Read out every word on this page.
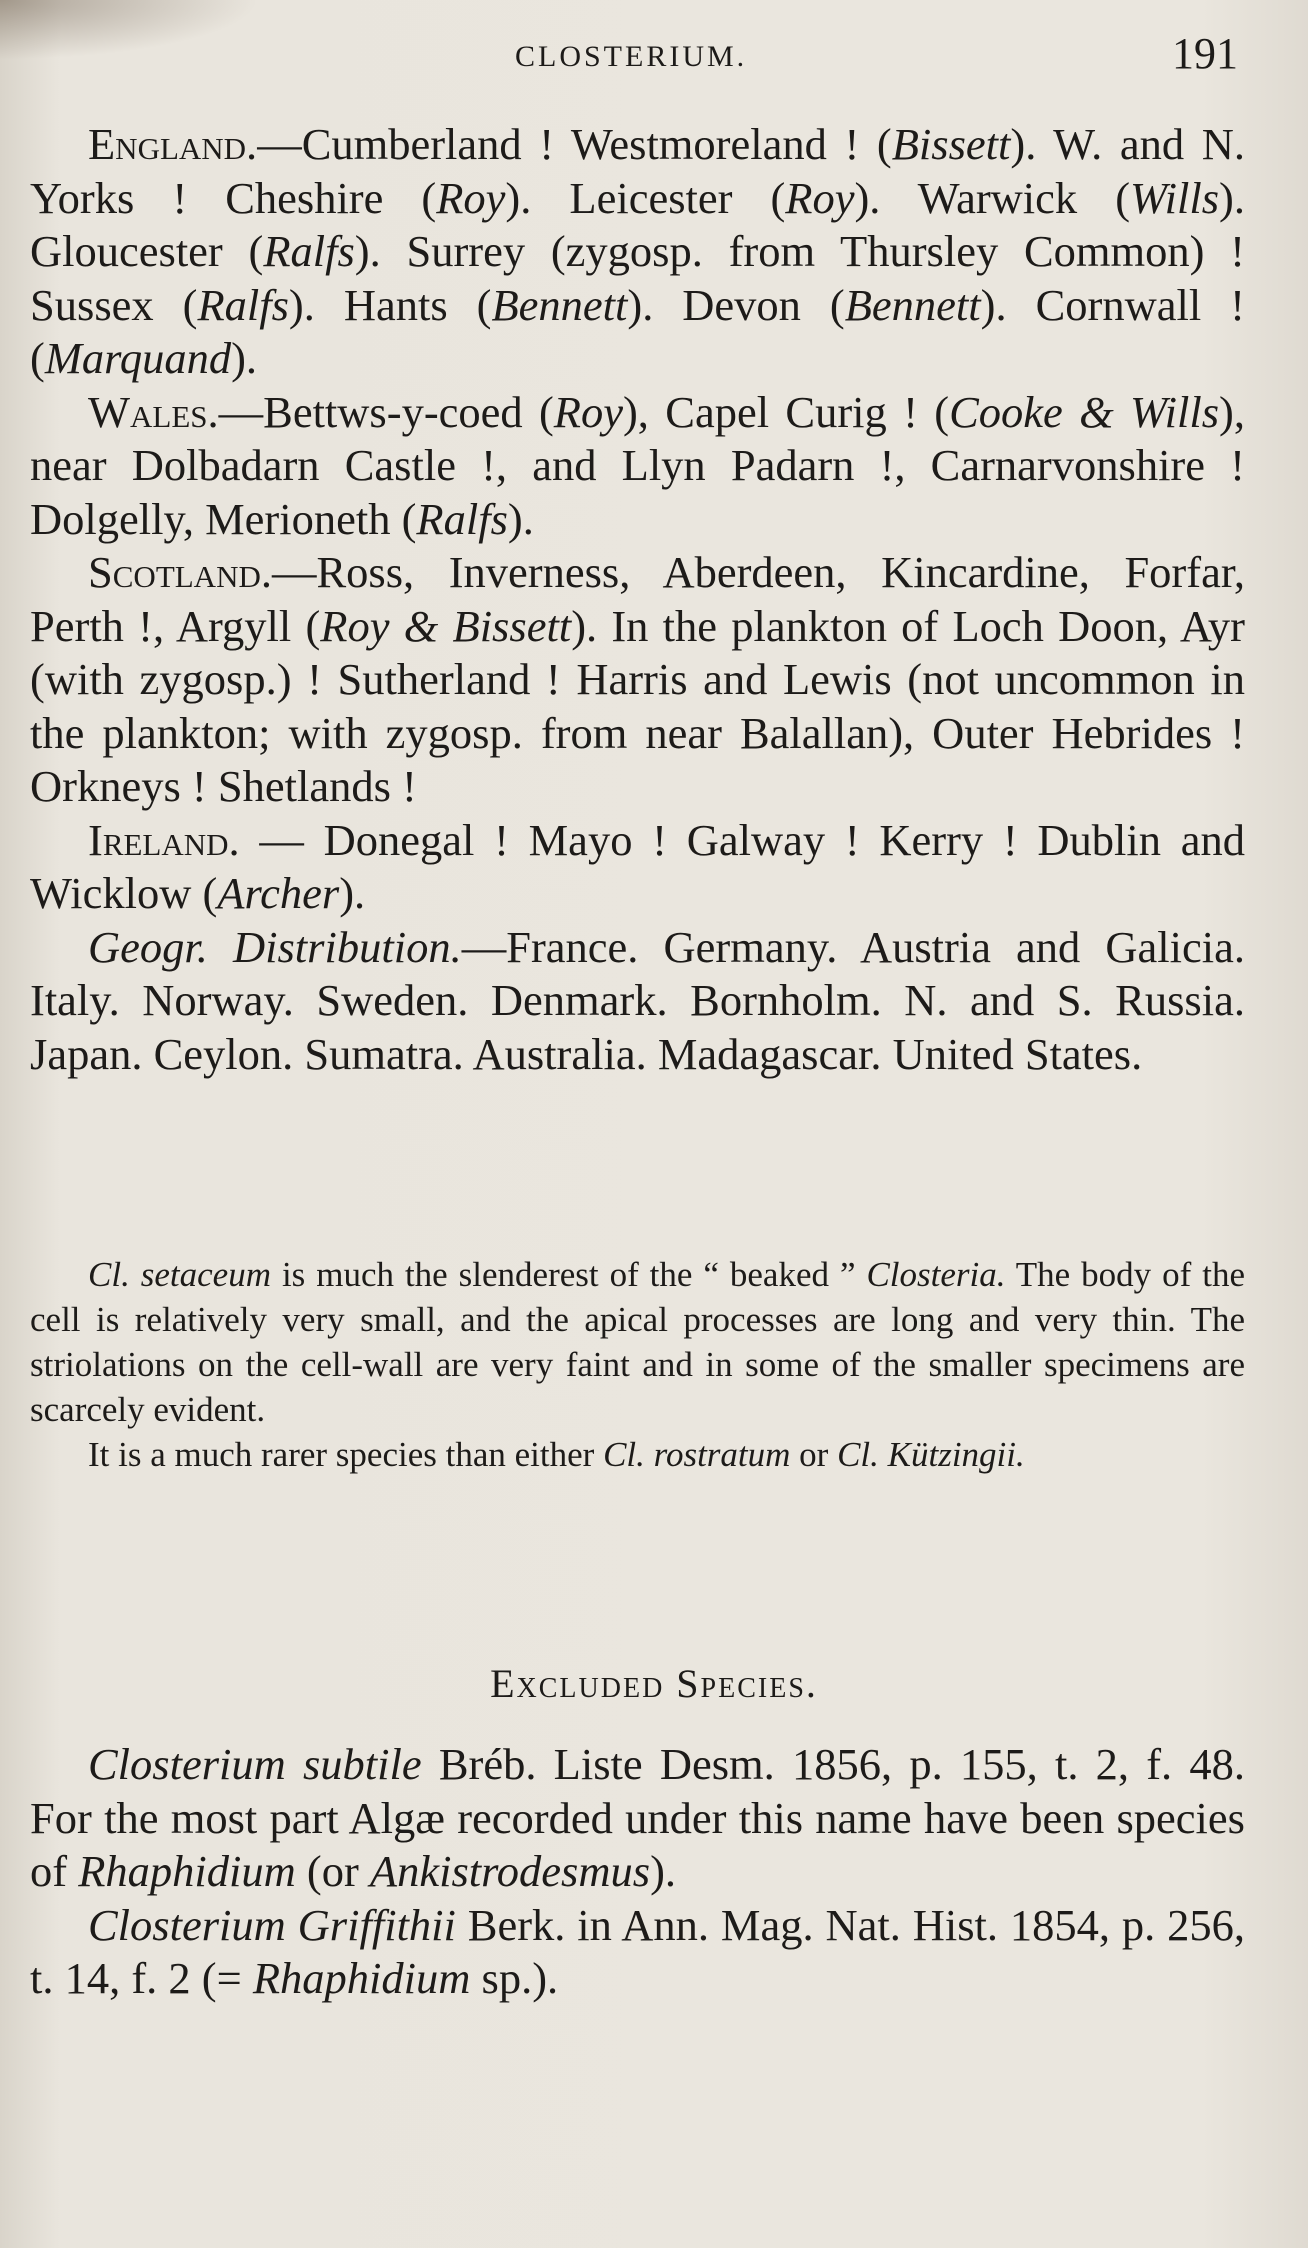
CLOSTERIUM.	191

England.—Cumberland ! Westmoreland ! (Bissett). W. and N. Yorks ! Cheshire (Roy). Leicester (Roy). Warwick (Wills). Gloucester (Ralfs). Surrey (zygosp. from Thursley Common) ! Sussex (Ralfs). Hants (Bennett). Devon (Bennett). Cornwall ! (Marquand).

Wales.—Bettws-y-coed (Roy), Capel Curig ! (Cooke & Wills), near Dolbadarn Castle !, and Llyn Padarn !, Carnarvonshire ! Dolgelly, Merioneth (Ralfs).

Scotland.—Ross, Inverness, Aberdeen, Kincardine, Forfar, Perth !, Argyll (Roy & Bissett). In the plankton of Loch Doon, Ayr (with zygosp.) ! Sutherland ! Harris and Lewis (not uncommon in the plankton; with zygosp. from near Balallan), Outer Hebrides ! Orkneys ! Shetlands !

Ireland. — Donegal ! Mayo ! Galway ! Kerry ! Dublin and Wicklow (Archer).

Geogr. Distribution.—France. Germany. Austria and Galicia. Italy. Norway. Sweden. Denmark. Bornholm. N. and S. Russia. Japan. Ceylon. Sumatra. Australia. Madagascar. United States.

Cl. setaceum is much the slenderest of the “ beaked ” Closteria. The body of the cell is relatively very small, and the apical processes are long and very thin. The striolations on the cell-wall are very faint and in some of the smaller specimens are scarcely evident.

It is a much rarer species than either Cl. rostratum or Cl. Kützingii.

Excluded Species.

Closterium subtile Bréb. Liste Desm. 1856, p. 155, t. 2, f. 48. For the most part Algæ recorded under this name have been species of Rhaphidium (or Ankistrodesmus).

Closterium Griffithii Berk. in Ann. Mag. Nat. Hist. 1854, p. 256, t. 14, f. 2 (= Rhaphidium sp.).
